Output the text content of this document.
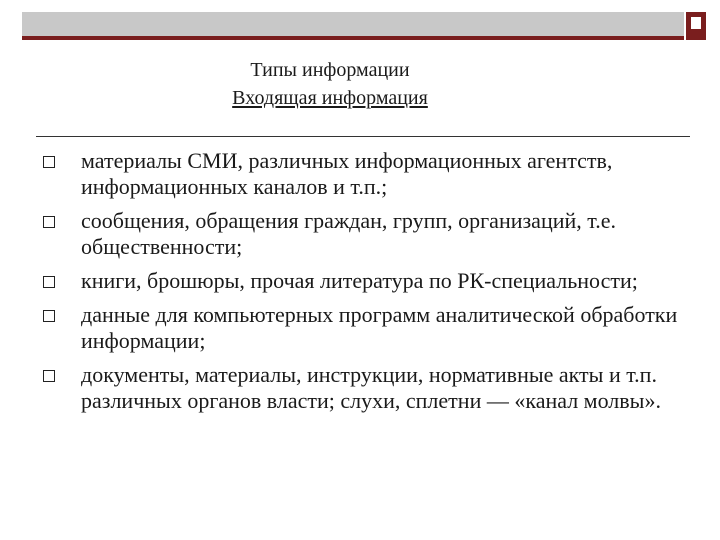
Типы информации
Входящая информация
материалы СМИ, различных информационных агентств, информационных каналов и т.п.;
сообщения, обращения граждан, групп, организаций, т.е. общественности;
книги, брошюры, прочая литература по РК-специальности;
данные для компьютерных программ аналитической обработки информации;
документы, материалы, инструкции, нормативные акты и т.п. различных органов власти; слухи, сплетни — «канал молвы».
